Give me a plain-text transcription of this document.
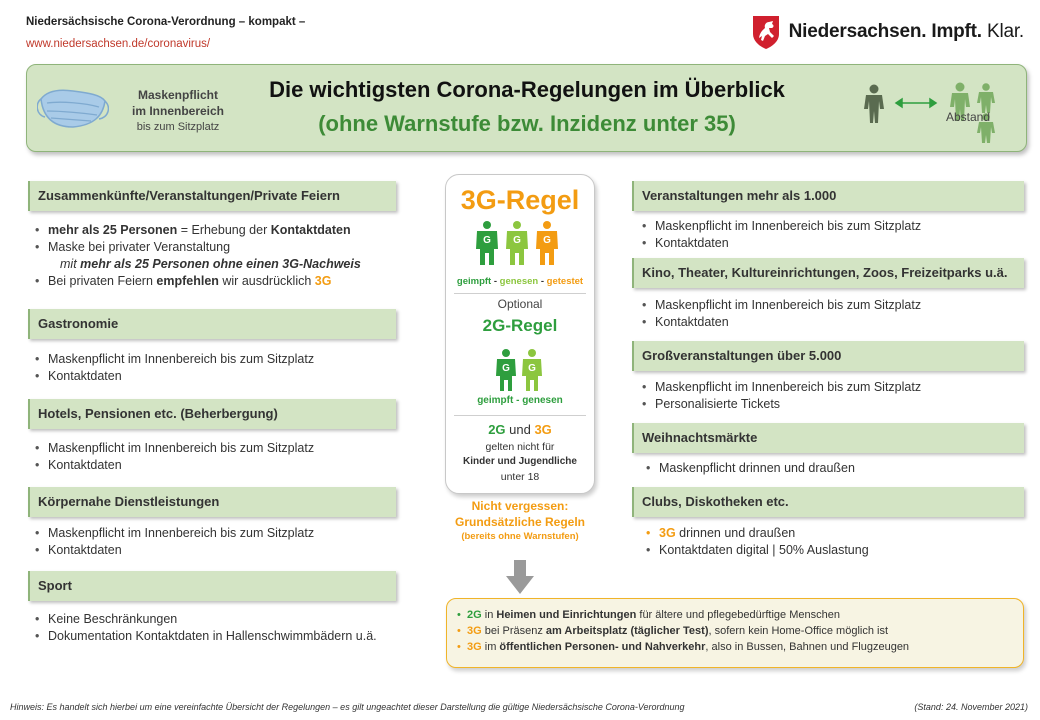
Niedersächsische Corona-Verordnung – kompakt –
www.niedersachsen.de/coronavirus/
Niedersachsen. Impft. Klar.
Maskenpflicht
im Innenbereich
bis zum Sitzplatz
Die wichtigsten Corona-Regelungen im Überblick
(ohne Warnstufe bzw. Inzidenz unter 35)	Abstand
Zusammenkünfte/Veranstaltungen/Private Feiern
• mehr als 25 Personen = Erhebung der Kontaktdaten
• Maske bei privater Veranstaltung
mit mehr als 25 Personen ohne einen 3G-Nachweis
• Bei privaten Feiern empfehlen wir ausdrücklich 3G
Gastronomie
• Maskenpflicht im Innenbereich bis zum Sitzplatz
• Kontaktdaten
Hotels, Pensionen etc. (Beherbergung)
• Maskenpflicht im Innenbereich bis zum Sitzplatz
• Kontaktdaten
Körpernahe Dienstleistungen
• Maskenpflicht im Innenbereich bis zum Sitzplatz
• Kontaktdaten
Sport
• Keine Beschränkungen
• Dokumentation Kontaktdaten in Hallenschwimmbädern u.ä.
3G-Regel
G G G
geimpft - genesen - getestet
Optional
2G-Regel
G G
geimpft - genesen
2G und 3G
gelten nicht für
Kinder und Jugendliche
unter 18
Nicht vergessen:
Grundsätzliche Regeln
(bereits ohne Warnstufen)
Veranstaltungen mehr als 1.000
• Maskenpflicht im Innenbereich bis zum Sitzplatz
• Kontaktdaten
Kino, Theater, Kultureinrichtungen, Zoos, Freizeitparks u.ä.
• Maskenpflicht im Innenbereich bis zum Sitzplatz
• Kontaktdaten
Großveranstaltungen über 5.000
• Maskenpflicht im Innenbereich bis zum Sitzplatz
• Personalisierte Tickets
Weihnachtsmärkte
• Maskenpflicht drinnen und draußen
Clubs, Diskotheken etc.
• 3G drinnen und draußen
• Kontaktdaten digital | 50% Auslastung
• 2G in Heimen und Einrichtungen für ältere und pflegebedürftige Menschen
• 3G bei Präsenz am Arbeitsplatz (täglicher Test), sofern kein Home-Office möglich ist
• 3G im öffentlichen Personen- und Nahverkehr, also in Bussen, Bahnen und Flugzeugen
Hinweis: Es handelt sich hierbei um eine vereinfachte Übersicht der Regelungen – es gilt ungeachtet dieser Darstellung die gültige Niedersächsische Corona-Verordnung	(Stand: 24. November 2021)
